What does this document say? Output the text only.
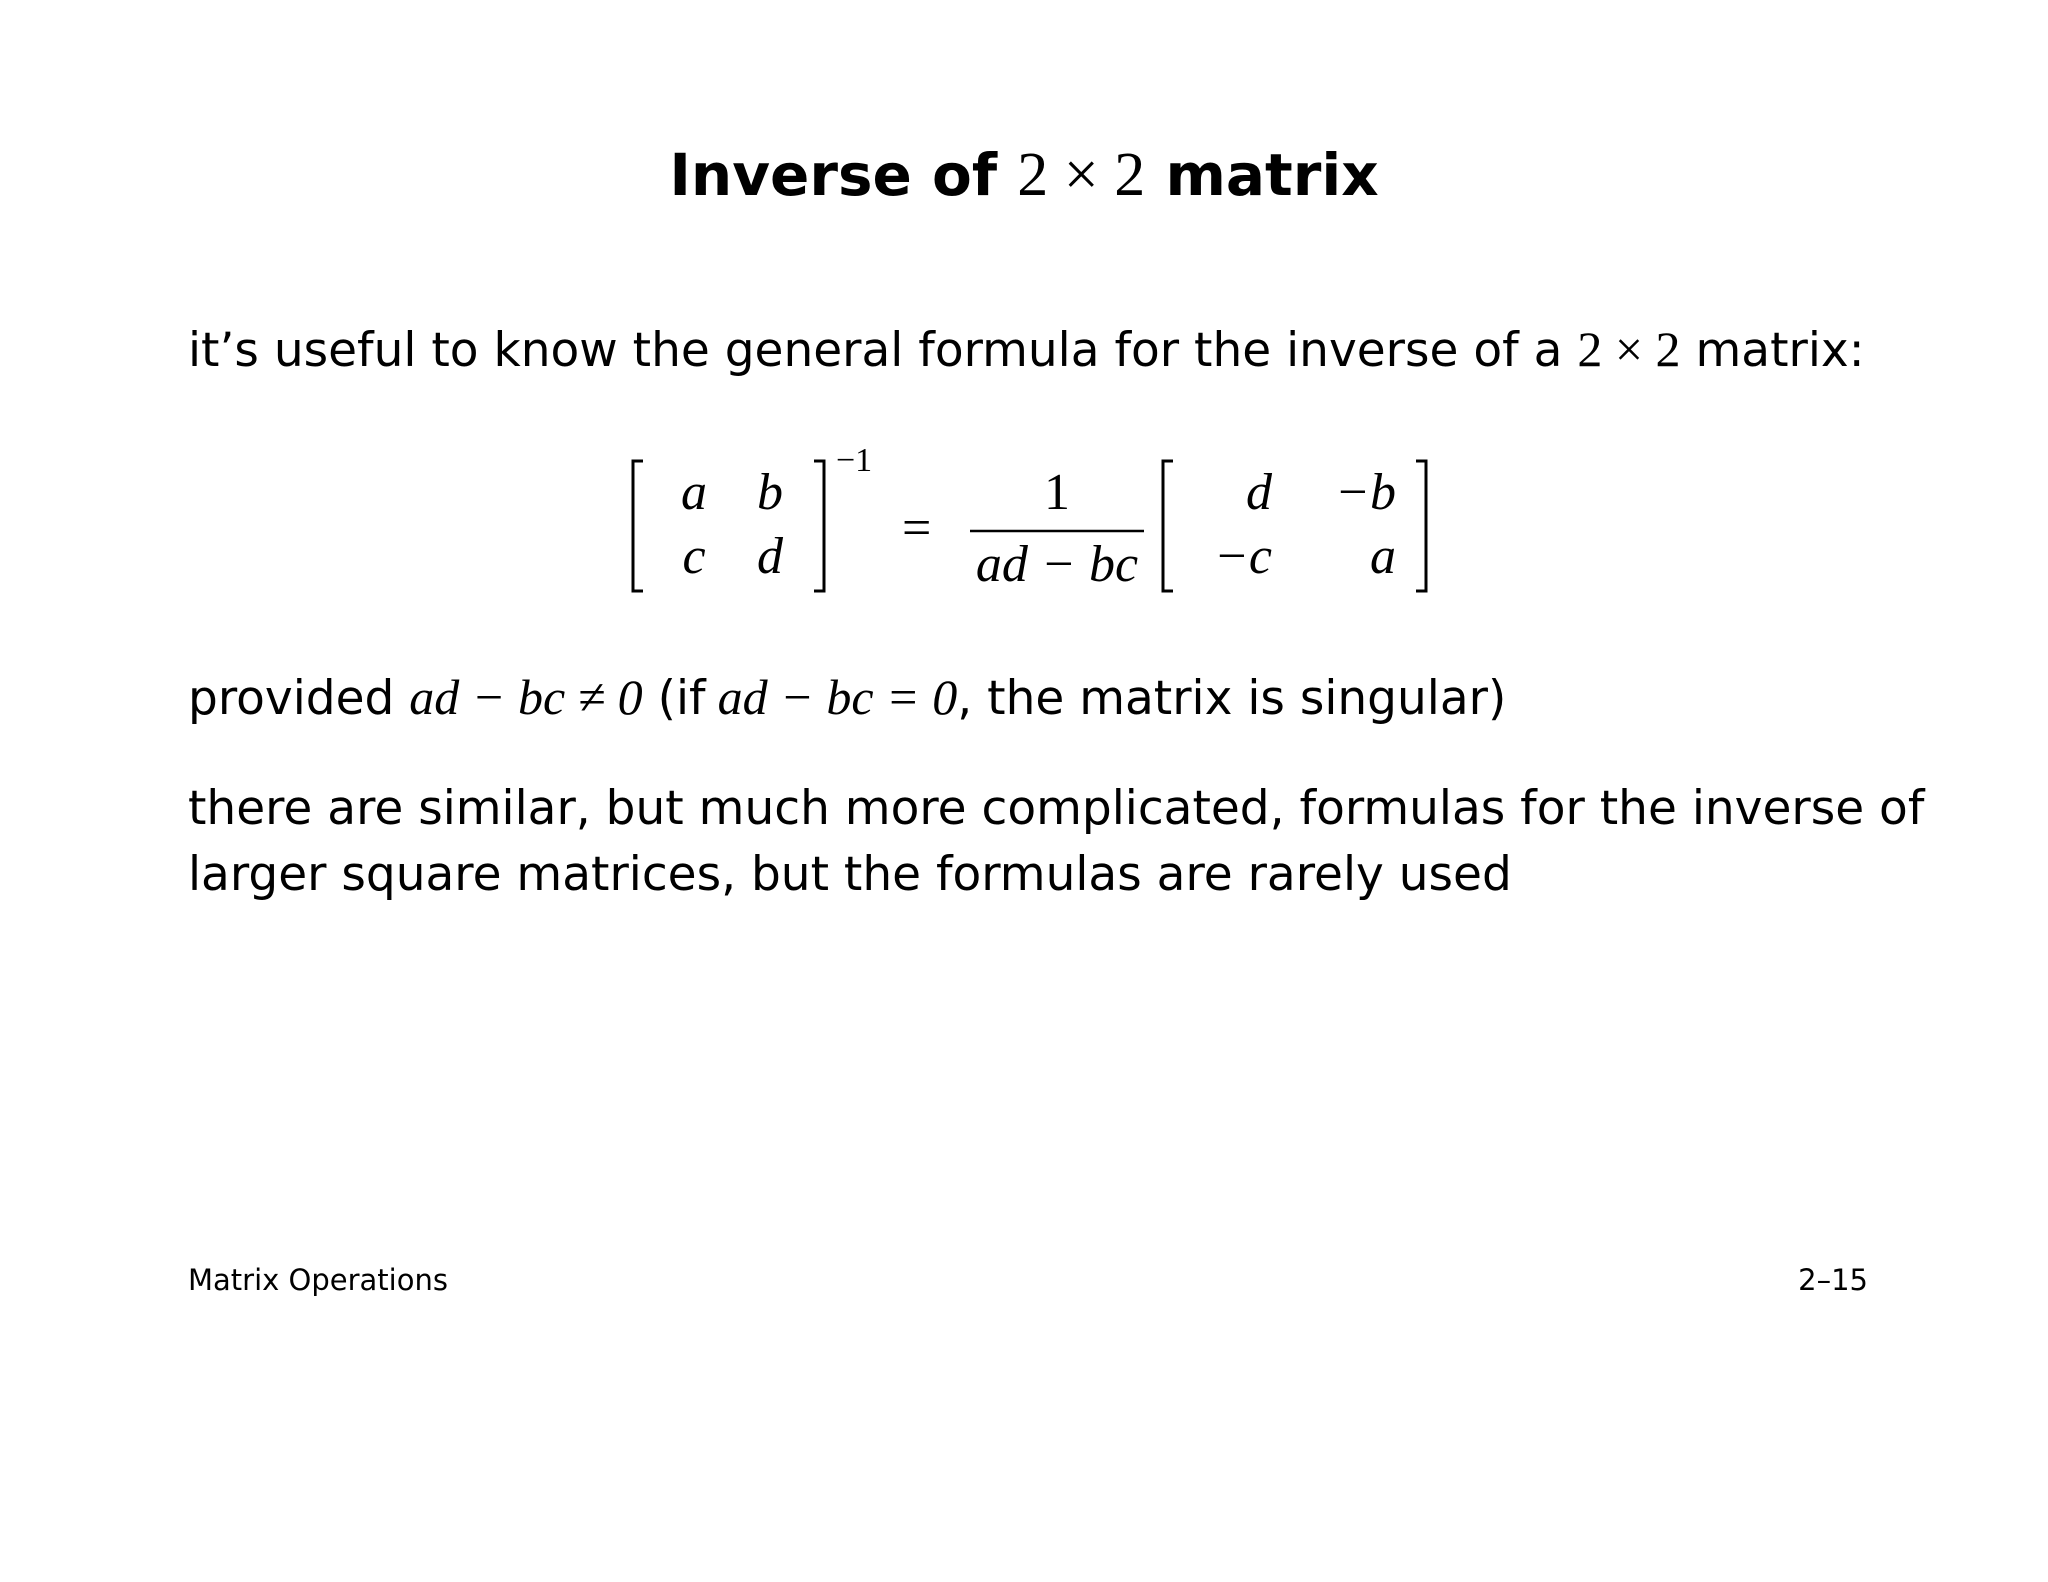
Inverse of 2 × 2 matrix
it’s useful to know the general formula for the inverse of a 2 × 2 matrix:
a b
c d
−1
=
1
ad − bc
d	−b
−c	a
provided ad − bc ≠ 0 (if ad − bc = 0, the matrix is singular)
there are similar, but much more complicated, formulas for the inverse of
larger square matrices, but the formulas are rarely used
Matrix Operations	2–15
